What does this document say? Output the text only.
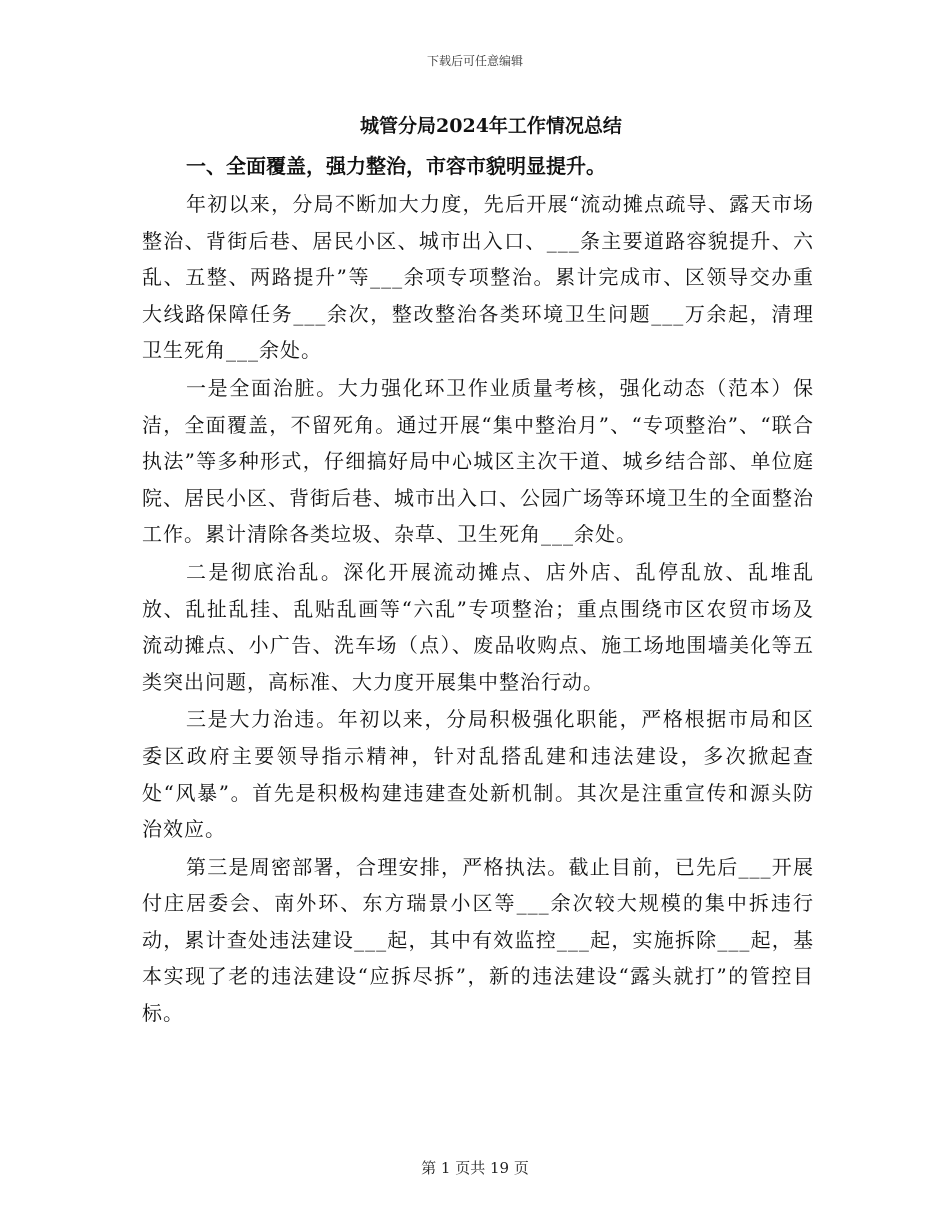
下载后可任意编辑
城管分局2024年工作情况总结
一、全面覆盖，强力整治，市容市貌明显提升。

年初以来，分局不断加大力度，先后开展“流动摊点疏导、露天市场整治、背街后巷、居民小区、城市出入口、___条主要道路容貌提升、六乱、五整、两路提升”等___余项专项整治。累计完成市、区领导交办重大线路保障任务___余次，整改整治各类环境卫生问题___万余起，清理卫生死角___余处。

一是全面治脏。大力强化环卫作业质量考核，强化动态（范本）保洁，全面覆盖，不留死角。通过开展“集中整治月”、“专项整治”、“联合执法”等多种形式，仔细搞好局中心城区主次干道、城乡结合部、单位庭院、居民小区、背街后巷、城市出入口、公园广场等环境卫生的全面整治工作。累计清除各类垃圾、杂草、卫生死角___余处。

二是彻底治乱。深化开展流动摊点、店外店、乱停乱放、乱堆乱放、乱扯乱挂、乱贴乱画等“六乱”专项整治；重点围绕市区农贸市场及流动摊点、小广告、洗车场（点）、废品收购点、施工场地围墙美化等五类突出问题，高标准、大力度开展集中整治行动。

三是大力治违。年初以来，分局积极强化职能，严格根据市局和区委区政府主要领导指示精神，针对乱搭乱建和违法建设，多次掀起查处“风暴”。首先是积极构建违建查处新机制。其次是注重宣传和源头防治效应。

第三是周密部署，合理安排，严格执法。截止目前，已先后___开展付庄居委会、南外环、东方瑞景小区等___余次较大规模的集中拆违行动，累计查处违法建设___起，其中有效监控___起，实施拆除___起，基本实现了老的违法建设“应拆尽拆”，新的违法建设“露头就打”的管控目标。

第 1 页共 19 页
